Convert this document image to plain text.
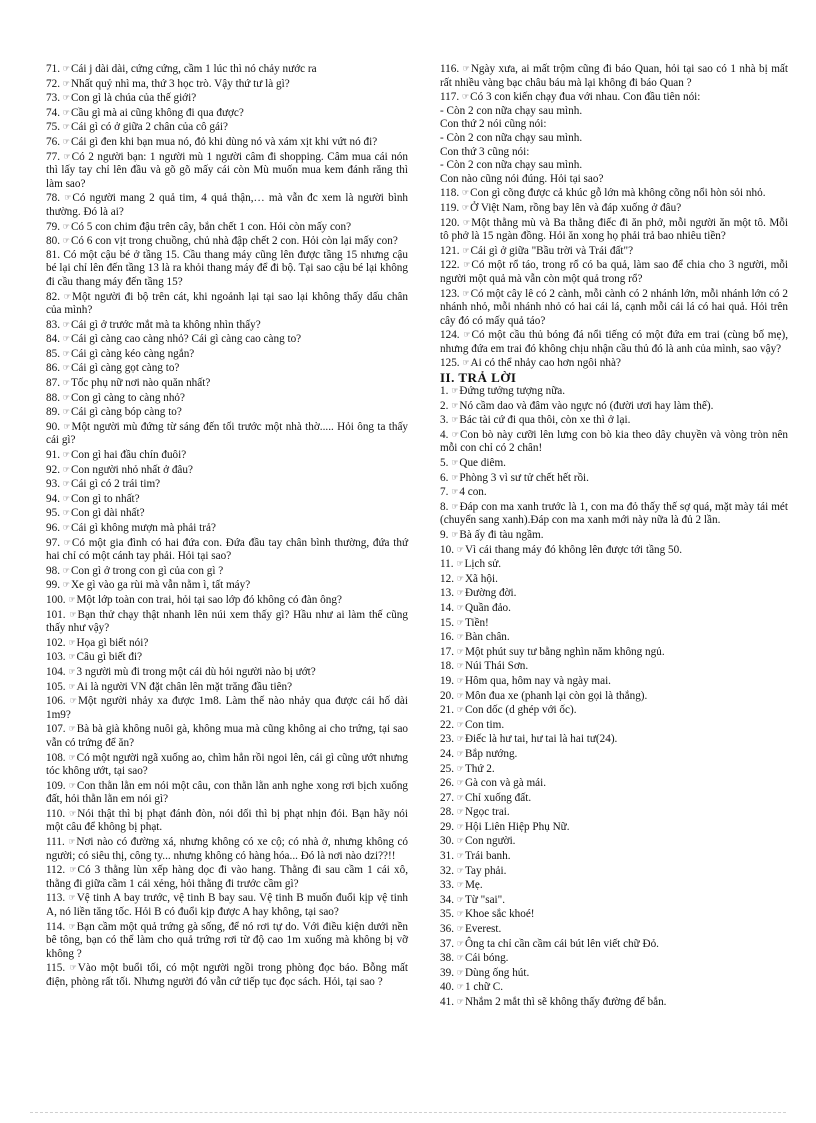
71. ☞Cái j dài dài, cứng cứng, cầm 1 lúc thì nó chảy nước ra

72. ☞Nhất quỷ nhì ma, thứ 3 học trò. Vậy thứ tư là gì?

73. ☞Con gì là chúa của thế giới?

74. ☞Cầu gì mà ai cũng không đi qua được?

75. ☞Cái gì có ở giữa 2 chân của cô gái?

76. ☞Cái gì đen khi bạn mua nó, đỏ khi dùng nó và xám xịt khi vứt nó đi?

77. ☞Có 2 người bạn: 1 người mù 1 người câm đi shopping. Câm mua cái nón thì lấy tay chỉ lên đầu và gõ gõ mấy cái còn Mù muốn mua kem đánh răng thì làm sao?

78. ☞Có người mang 2 quả tim, 4 quả thận,… mà vẫn đc xem là người bình thường. Đó là ai?

79. ☞Có 5 con chim đậu trên cây, bắn chết 1 con. Hỏi còn mấy con?

80. ☞Có 6 con vịt trong chuồng, chủ nhà đập chết 2 con. Hỏi còn lại mấy con?

81. Có một cậu bé ở tầng 15. Cầu thang máy cũng lên được tầng 15 nhưng cậu bé lại chỉ lên đến tầng 13 là ra khỏi thang máy để đi bộ. Tại sao cậu bé lại không đi cầu thang máy đến tầng 15?

82. ☞Một người đi bộ trên cát, khi ngoảnh lại tại sao lại không thấy dấu chân của mình?

83. ☞Cái gì ở trước mắt mà ta không nhìn thấy?

84. ☞Cái gì càng cao càng nhỏ? Cái gì càng cao càng to?

85. ☞Cái gì càng kéo càng ngắn?

86. ☞Cái gì càng gọt càng to?

87. ☞Tốc phụ nữ nơi nào quăn nhất?

88. ☞Con gì càng to càng nhỏ?

89. ☞Cái gì càng bóp càng to?

90. ☞Một người mù đứng từ sáng đến tối trước một nhà thờ..... Hỏi ông ta thấy cái gì?

91. ☞Con gì hai đầu chín đuôi?

92. ☞Con người nhỏ nhất ở đâu?

93. ☞Cái gì có 2 trái tim?

94. ☞Con gì to nhất?

95. ☞Con gì dài nhất?

96. ☞Cái gì không mượn mà phải trả?

97. ☞Có một gia đình có hai đứa con. Đứa đầu tay chân bình thường, đứa thứ hai chỉ có một cánh tay phải. Hỏi tại sao?

98. ☞Con gì ở trong con gì của con gì ?

99. ☞Xe gì vào ga rùi mà vẫn nằm ì, tất máy?

100. ☞Một lớp toàn con trai, hỏi tại sao lớp đó không có đàn ông?

101. ☞Bạn thử chạy thật nhanh lên núi xem thấy gì? Hầu như ai làm thế cũng thấy như vậy?

102. ☞Họa gì biết nói?

103. ☞Câu gì biết đi?

104. ☞3 người mù đi trong một cái dù hỏi người nào bị ướt?

105. ☞Ai là người VN đặt chân lên mặt trăng đầu tiên?

106. ☞Một người nhảy xa được 1m8. Làm thế nào nhảy qua được cái hố dài 1m9?

107. ☞Bà bà già không nuôi gà, không mua mà cũng không ai cho trứng, tại sao vẫn có trứng để ăn?

108. ☞Có một người ngã xuống ao, chìm hẳn rồi ngoi lên, cái gì cũng ướt nhưng tóc không ướt, tại sao?

109. ☞Con thằn lằn em nói một câu, con thằn lằn anh nghe xong rơi bịch xuống đất, hỏi thằn lằn em nói gì?

110. ☞Nói thật thì bị phạt đánh đòn, nói dối thì bị phạt nhịn đói. Bạn hãy nói một câu để không bị phạt.

111. ☞Nơi nào có đường xá, nhưng không có xe cộ; có nhà ở, nhưng không có người; có siêu thị, công ty... nhưng không có hàng hóa... Đó là nơi nào dzi??!!

112. ☞Có 3 thằng lùn xếp hàng dọc đi vào hang. Thằng đi sau cầm 1 cái xô, thằng đi giữa cầm 1 cái xẻng, hỏi thằng đi trước cầm gì?

113. ☞Vệ tinh A bay trước, vệ tinh B bay sau. Vệ tinh B muốn đuổi kịp vệ tinh A, nó liền tăng tốc. Hỏi B có đuổi kịp được A hay không, tại sao?

114. ☞Bạn cầm một quả trứng gà sống, để nó rơi tự do. Với điều kiện dưới nền bê tông, bạn có thể làm cho quả trứng rơi từ độ cao 1m xuống mà không bị vỡ không ?

115. ☞Vào một buổi tối, có một người ngồi trong phòng đọc báo. Bỗng mất điện, phòng rất tối. Nhưng người đó vẫn cứ tiếp tục đọc sách. Hỏi, tại sao ?

116. ☞Ngày xưa, ai mất trộm cũng đi báo Quan, hỏi tại sao có 1 nhà bị mất rất nhiều vàng bạc châu báu mà lại không đi báo Quan ?

117. ☞Có 3 con kiến chạy đua với nhau. Con đầu tiên nói:

- Còn 2 con nữa chạy sau mình.

Con thứ 2 nói cũng nói:

- Còn 2 con nữa chạy sau mình.

Con thứ 3 cũng nói:

- Còn 2 con nữa chạy sau mình.

Con nào cũng nói đúng. Hỏi tại sao?

118. ☞Con gì cõng được cả khúc gỗ lớn mà không cõng nổi hòn sỏi nhỏ.

119. ☞Ở Việt Nam, rồng bay lên và đáp xuống ở đâu?

120. ☞Một thằng mù và Ba thằng điếc đi ăn phở, mỗi người ăn một tô. Mỗi tô phở là 15 ngàn đồng. Hỏi ăn xong họ phải trả bao nhiêu tiền?

121. ☞Cái gì ở giữa "Bầu trời và Trái đất"?

122. ☞Có một rổ táo, trong rổ có ba quả, làm sao để chia cho 3 người, mỗi người một quả mà vẫn còn một quả trong rổ?

123. ☞Có một cây lê có 2 cành, mỗi cành có 2 nhánh lớn, mỗi nhánh lớn có 2 nhánh nhỏ, mỗi nhánh nhỏ có hai cái lá, cạnh mỗi cái lá có hai quả. Hỏi trên cây đó có mấy quả táo?

124. ☞Có một cầu thủ bóng đá nổi tiếng có một đứa em trai (cùng bố mẹ), nhưng đứa em trai đó không chịu nhận cầu thủ đó là anh của mình, sao vậy?

125. ☞Ai có thể nhảy cao hơn ngôi nhà?

II. TRẢ LỜI

1. ☞Đứng tưởng tượng nữa.

2. ☞Nó cầm dao và đâm vào ngực nó (đười ươi hay làm thế).

3. ☞Bác tài cứ đi qua thôi, còn xe thì ở lại.

4. ☞Con bò này cưỡi lên lưng con bò kia theo dây chuyền và vòng tròn nên mỗi con chỉ có 2 chân!

5. ☞Que diêm.

6. ☞Phòng 3 vì sư tử chết hết rồi.

7. ☞4 con.

8. ☞Đáp con ma xanh trước là 1, con ma đỏ thấy thế sợ quá, mặt mày tái mét (chuyển sang xanh).Đáp con ma xanh mới này nữa là đủ 2 lần.

9. ☞Bà ấy đi tàu ngầm.

10. ☞Vì cái thang máy đó không lên được tới tầng 50.

11. ☞Lịch sử.

12. ☞Xã hội.

13. ☞Đường đời.

14. ☞Quần đảo.

15. ☞Tiền!

16. ☞Bàn chân.

17. ☞Một phút suy tư bằng nghìn năm không ngủ.

18. ☞Núi Thái Sơn.

19. ☞Hôm qua, hôm nay và ngày mai.

20. ☞Môn đua xe (phanh lại còn gọi là thắng).

21. ☞Con dốc (d ghép với ốc).

22. ☞Con tim.

23. ☞Điếc là hư tai, hư tai là hai tư(24).

24. ☞Bắp nướng.

25. ☞Thứ 2.

26. ☞Gà con và gà mái.

27. ☞Chỉ xuống đất.

28. ☞Ngọc trai.

29. ☞Hội Liên Hiệp Phụ Nữ.

30. ☞Con người.

31. ☞Trái banh.

32. ☞Tay phải.

33. ☞Mẹ.

34. ☞Từ "sai".

35. ☞Khoe sắc khoé!

36. ☞Everest.

37. ☞Ông ta chỉ cần cầm cái bút lên viết chữ Đỏ.

38. ☞Cái bóng.

39. ☞Dùng ống hút.

40. ☞1 chữ C.

41. ☞Nhắm 2 mắt thì sẽ không thấy đường để bắn.
